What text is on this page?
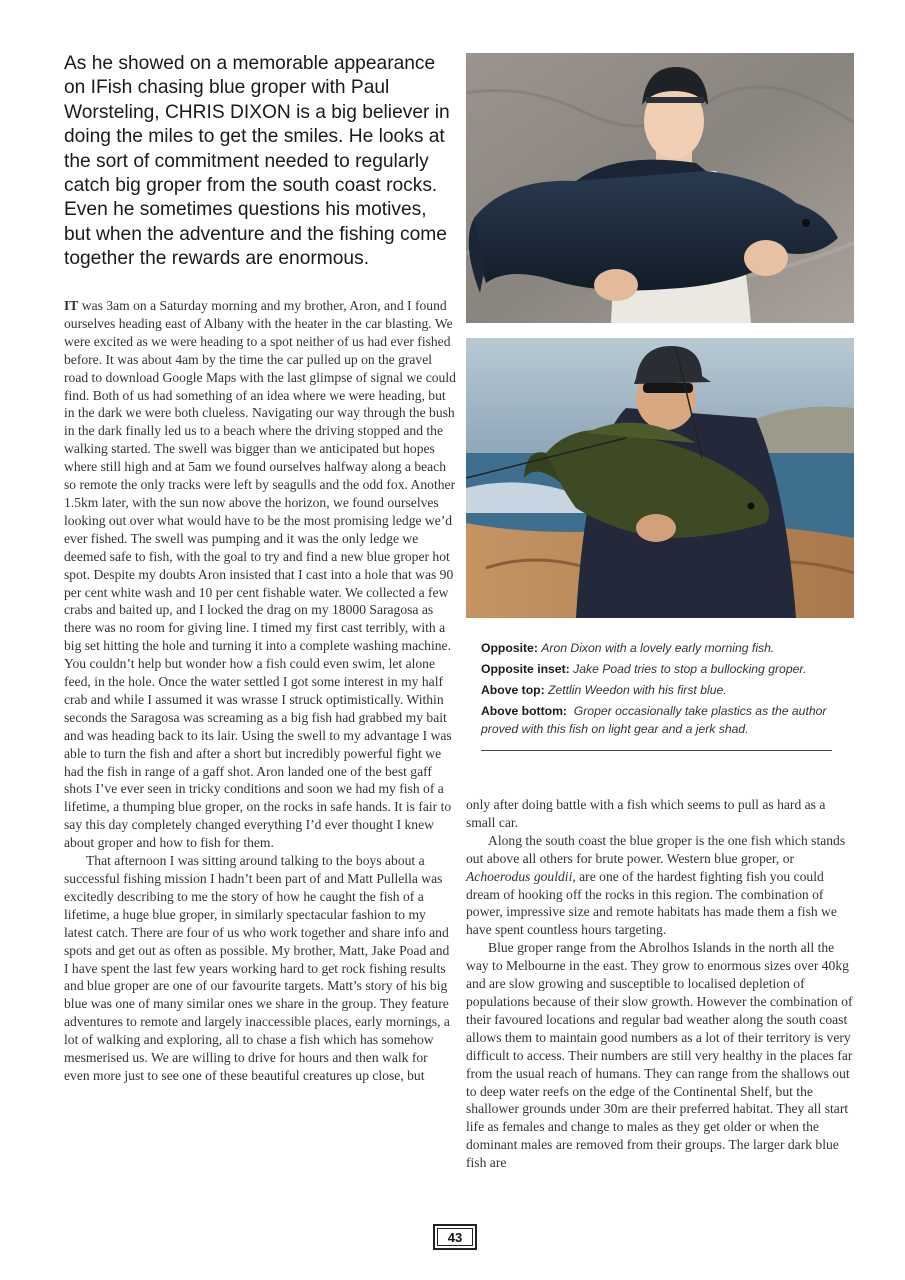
As he showed on a memorable appearance on IFish chasing blue groper with Paul Worsteling, CHRIS DIXON is a big believer in doing the miles to get the smiles. He looks at the sort of commitment needed to regularly catch big groper from the south coast rocks. Even he sometimes questions his motives, but when the adventure and the fishing come together the rewards are enormous.

Opposite: Aron Dixon with a lovely early morning fish.

Opposite inset: Jake Poad tries to stop a bullocking groper.

Above top: Zettlin Weedon with his first blue.

Above bottom: Groper occasionally take plastics as the author proved with this fish on light gear and a jerk shad.

IT was 3am on a Saturday morning and my brother, Aron, and I found ourselves heading east of Albany with the heater in the car blasting. We were excited as we were heading to a spot neither of us had ever fished before. It was about 4am by the time the car pulled up on the gravel road to download Google Maps with the last glimpse of signal we could find. Both of us had something of an idea where we were heading, but in the dark we were both clueless. Navigating our way through the bush in the dark finally led us to a beach where the driving stopped and the walking started. The swell was bigger than we anticipated but hopes where still high and at 5am we found ourselves halfway along a beach so remote the only tracks were left by seagulls and the odd fox. Another 1.5km later, with the sun now above the horizon, we found ourselves looking out over what would have to be the most promising ledge we’d ever fished. The swell was pumping and it was the only ledge we deemed safe to fish, with the goal to try and find a new blue groper hot spot. Despite my doubts Aron insisted that I cast into a hole that was 90 per cent white wash and 10 per cent fishable water. We collected a few crabs and baited up, and I locked the drag on my 18000 Saragosa as there was no room for giving line. I timed my first cast terribly, with a big set hitting the hole and turning it into a complete washing machine. You couldn’t help but wonder how a fish could even swim, let alone feed, in the hole. Once the water settled I got some interest in my half crab and while I assumed it was wrasse I struck optimistically. Within seconds the Saragosa was screaming as a big fish had grabbed my bait and was heading back to its lair. Using the swell to my advantage I was able to turn the fish and after a short but incredibly powerful fight we had the fish in range of a gaff shot. Aron landed one of the best gaff shots I’ve ever seen in tricky conditions and soon we had my fish of a lifetime, a thumping blue groper, on the rocks in safe hands. It is fair to say this day completely changed everything I’d ever thought I knew about groper and how to fish for them.

That afternoon I was sitting around talking to the boys about a successful fishing mission I hadn’t been part of and Matt Pullella was excitedly describing to me the story of how he caught the fish of a lifetime, a huge blue groper, in similarly spectacular fashion to my latest catch. There are four of us who work together and share info and spots and get out as often as possible. My brother, Matt, Jake Poad and I have spent the last few years working hard to get rock fishing results and blue groper are one of our favourite targets. Matt’s story of his big blue was one of many similar ones we share in the group. They feature adventures to remote and largely inaccessible places, early mornings, a lot of walking and exploring, all to chase a fish which has somehow mesmerised us. We are willing to drive for hours and then walk for even more just to see one of these beautiful creatures up close, but

only after doing battle with a fish which seems to pull as hard as a small car.

Along the south coast the blue groper is the one fish which stands out above all others for brute power. Western blue groper, or Achoerodus gouldii, are one of the hardest fighting fish you could dream of hooking off the rocks in this region. The combination of power, impressive size and remote habitats has made them a fish we have spent countless hours targeting.

Blue groper range from the Abrolhos Islands in the north all the way to Melbourne in the east. They grow to enormous sizes over 40kg and are slow growing and susceptible to localised depletion of populations because of their slow growth. However the combination of their favoured locations and regular bad weather along the south coast allows them to maintain good numbers as a lot of their territory is very difficult to access. Their numbers are still very healthy in the places far from the usual reach of humans. They can range from the shallows out to deep water reefs on the edge of the Continental Shelf, but the shallower grounds under 30m are their preferred habitat. They all start life as females and change to males as they get older or when the dominant males are removed from their groups. The larger dark blue fish are

43
